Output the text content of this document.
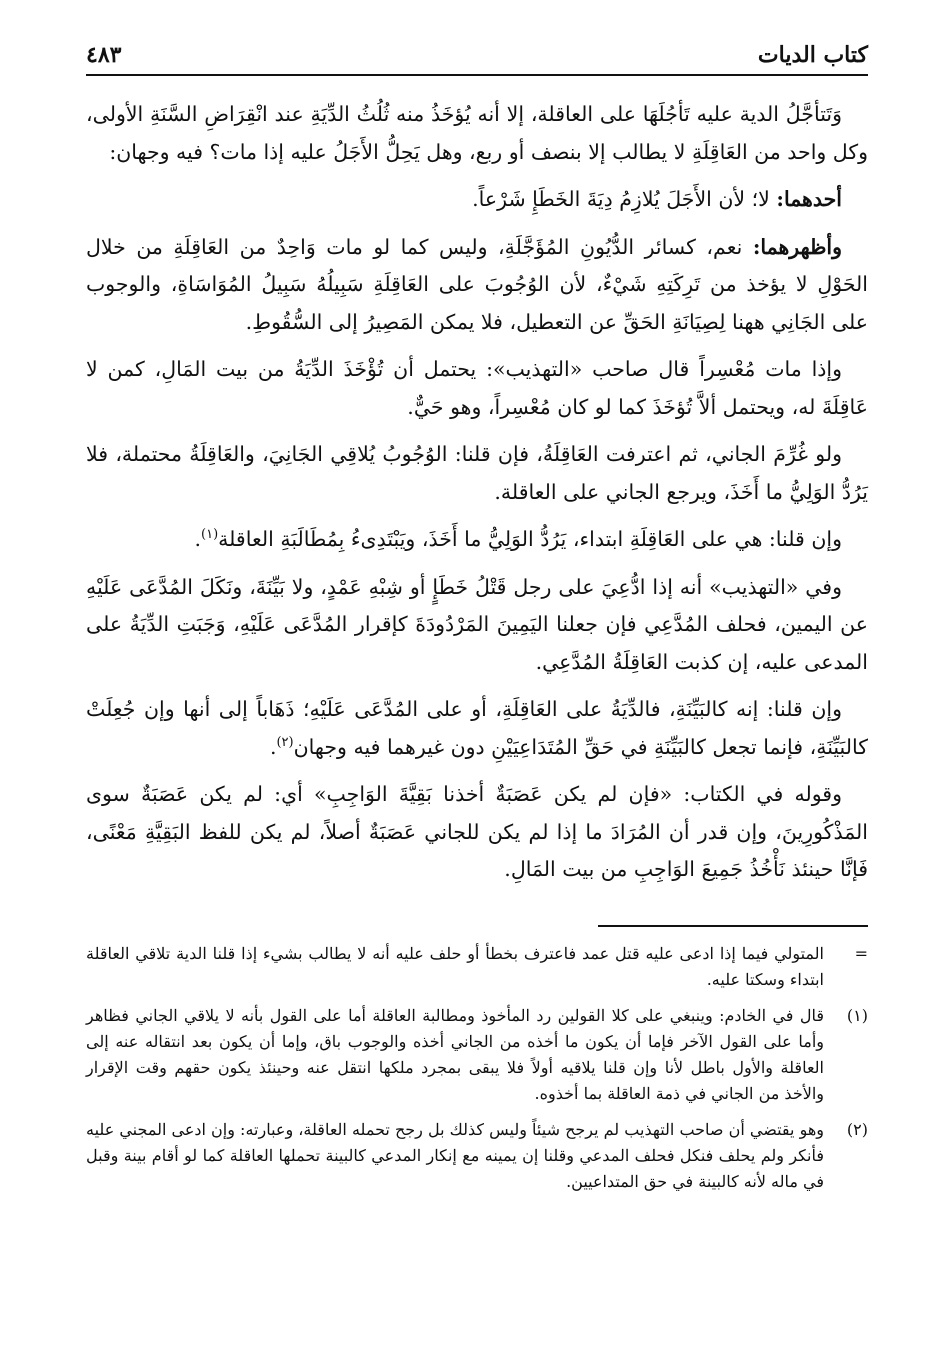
كتاب الديات
٤٨٣

وَتَتأجَّلُ الدية عليه تَأجُلَهَا على العاقلة، إلا أنه يُؤخَذُ منه ثُلُثُ الدِّيَةِ عند انْقِرَاضِ السَّنَةِ الأولى، وكل واحد من العَاقِلَةِ لا يطالب إلا بنصف أو ربع، وهل يَحِلُّ الأَجَلُ عليه إذا مات؟ فيه وجهان:

أحدهما: لا؛ لأن الأَجَلَ يُلازِمُ دِيَةَ الخَطَإِ شَرْعاً.

وأظهرهما: نعم، كسائر الدُّيُونِ المُؤَجَّلَةِ، وليس كما لو مات وَاحِدٌ من العَاقِلَةِ من خلال الحَوْلِ لا يؤخذ من تَرِكَتِهِ شَيْءٌ، لأن الوُجُوبَ على العَاقِلَةِ سَبِيلُهُ سَبِيلُ المُوَاسَاةِ، والوجوب على الجَانِي ههنا لِصِيَانَةِ الحَقِّ عن التعطيل، فلا يمكن المَصِيرُ إلى السُّقُوطِ.

وإذا مات مُعْسِراً قال صاحب «التهذيب»: يحتمل أن تُؤْخَذَ الدِّيَةُ من بيت المَالِ، كمن لا عَاقِلَةَ له، ويحتمل ألاَّ تُؤخَذَ كما لو كان مُعْسِراً، وهو حَيٌّ.

ولو غُرِّمَ الجاني، ثم اعترفت العَاقِلَةُ، فإن قلنا: الوُجُوبُ يُلاقِي الجَانِيَ، والعَاقِلَةُ محتملة، فلا يَرُدُّ الوَلِيُّ ما أَخَذَ، ويرجع الجاني على العاقلة.

وإن قلنا: هي على العَاقِلَةِ ابتداء، يَرُدُّ الوَلِيُّ ما أَخَذَ، ويَبْتَدِىءُ بِمُطَالَبَةِ العاقلة$^{(١)}$.

وفي «التهذيب» أنه إذا ادُّعِيَ على رجل قَتْلُ خَطَإٍ أو شِبْهِ عَمْدٍ، ولا بَيِّنَةَ، ونَكَلَ المُدَّعَى عَلَيْهِ عن اليمين، فحلف المُدَّعِي فإن جعلنا اليَمِينَ المَرْدُودَةَ كإقرار المُدَّعَى عَلَيْهِ، وَجَبَتِ الدِّيَةُ على المدعى عليه، إن كذبت العَاقِلَةُ المُدَّعِي.

وإن قلنا: إنه كالبَيِّنَةِ، فالدِّيَةُ على العَاقِلَةِ، أو على المُدَّعَى عَلَيْهِ؛ ذَهَاباً إلى أنها وإن جُعِلَتْ كالبَيِّنَةِ، فإنما تجعل كالبَيِّنَةِ في حَقِّ المُتَدَاعِيَيْنِ دون غيرهما فيه وجهان$^{(٢)}$.

وقوله في الكتاب: «فإن لم يكن عَصَبَةٌ أخذنا بَقِيَّةَ الوَاجِبِ» أي: لم يكن عَصَبَةٌ سوى المَذْكُورِينَ، وإن قدر أن المُرَادَ ما إذا لم يكن للجاني عَصَبَةٌ أصلاً، لم يكن للفظ البَقِيَّةِ مَعْنًى، فَإنَّا حينئذ نَأْخُذُ جَمِيعَ الوَاجِبِ من بيت المَالِ.

=
المتولي فيما إذا ادعى عليه قتل عمد فاعترف بخطأ أو حلف عليه أنه لا يطالب بشيء إذا قلنا الدية تلاقي العاقلة ابتداء وسكتا عليه.
(١)
قال في الخادم: وينبغي على كلا القولين رد المأخوذ ومطالبة العاقلة أما على القول بأنه لا يلاقي الجاني فظاهر وأما على القول الآخر فإما أن يكون ما أخذه من الجاني أخذه والوجوب باق، وإما أن يكون بعد انتقاله عنه إلى العاقلة والأول باطل لأنا وإن قلنا يلاقيه أولاً فلا يبقى بمجرد ملكها انتقل عنه وحينئذ يكون حقهم وقت الإقرار والأخذ من الجاني في ذمة العاقلة بما أخذوه.
(٢)
وهو يقتضي أن صاحب التهذيب لم يرجح شيئاً وليس كذلك بل رجح تحمله العاقلة، وعبارته: وإن ادعى المجني عليه فأنكر ولم يحلف فنكل فحلف المدعي وقلنا إن يمينه مع إنكار المدعي كالبينة تحملها العاقلة كما لو أقام بينة وقبل في ماله لأنه كالبينة في حق المتداعيين.
